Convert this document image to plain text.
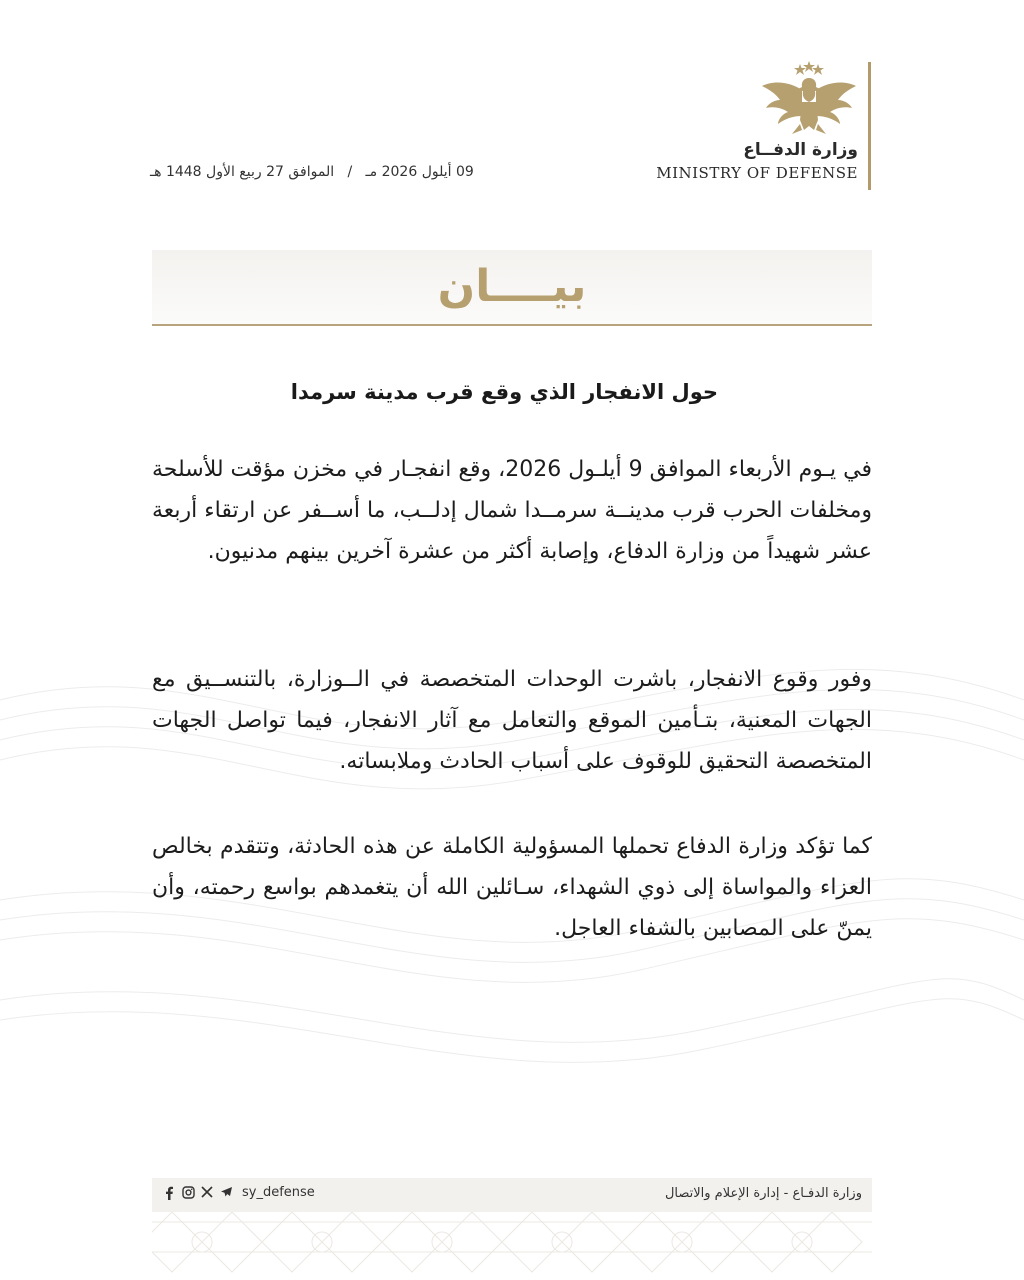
وزارة الدفــاع
MINISTRY OF DEFENSE
09 أيلول 2026 مـ   /   الموافق 27 ربيع الأول 1448 هـ
بيــــان
حول الانفجار الذي وقع قرب مدينة سرمدا
في يـوم الأربعاء الموافق 9 أيلـول 2026، وقع انفجـار في مخزن مؤقت للأسلحة ومخلفات الحرب قرب مدينــة سرمــدا شمال إدلــب، ما أســفر عن ارتقاء أربعة عشر شهيداً من وزارة الدفاع، وإصابة أكثر من عشرة آخرين بينهم مدنيون.
وفور وقوع الانفجار، باشرت الوحدات المتخصصة في الــوزارة، بالتنســيق مع الجهات المعنية، بتـأمين الموقع والتعامل مع آثار الانفجار، فيما تواصل الجهات المتخصصة التحقيق للوقوف على أسباب الحادث وملابساته.
كما تؤكد وزارة الدفاع تحملها المسؤولية الكاملة عن هذه الحادثة، وتتقدم بخالص العزاء والمواساة إلى ذوي الشهداء، سـائلين الله أن يتغمدهم بواسع رحمته، وأن يمنّ على المصابين بالشفاء العاجل.
وزارة الدفـاع - إدارة الإعلام والاتصال
sy_defense
